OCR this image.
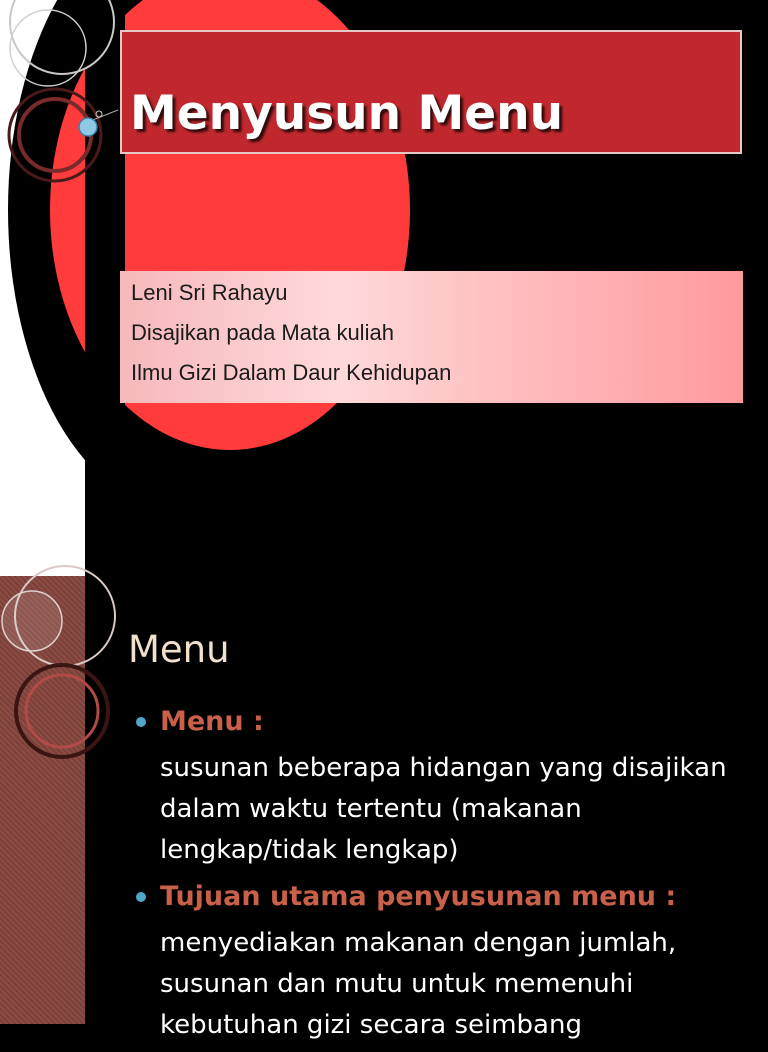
Menyusun Menu

Leni Sri Rahayu

Disajikan pada Mata kuliah

Ilmu Gizi Dalam Daur Kehidupan

Menu
Menu :
susunan beberapa hidangan yang disajikan
dalam waktu tertentu (makanan
lengkap/tidak lengkap)
Tujuan utama penyusunan menu :
menyediakan makanan dengan jumlah,
susunan dan mutu untuk memenuhi
kebutuhan gizi secara seimbang
